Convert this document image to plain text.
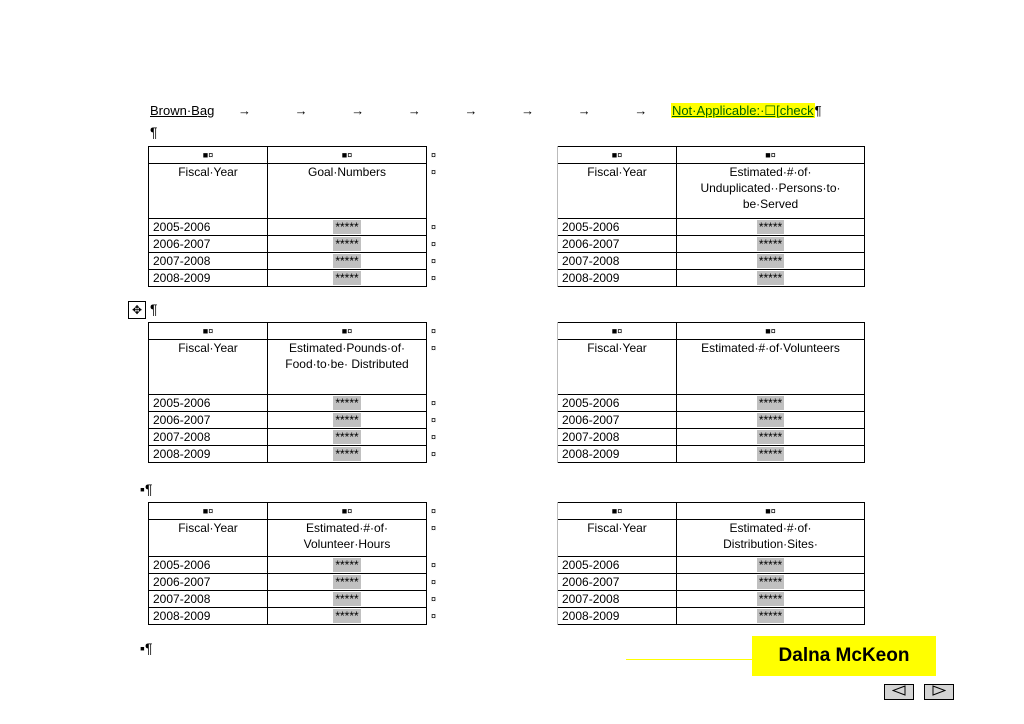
Brown·Bag →	→	→	→	→	→	→	→ Not·Applicable:·☐[check¶
¶
■¤	■¤	¤	■¤	■¤
Fiscal·Year	Goal·Numbers	¤	Fiscal·Year	Estimated·#·of· Unduplicated··Persons·to· be·Served
2005-2006	*****	¤	2005-2006	*****
2006-2007	*****	¤	2006-2007	*****
2007-2008	*****	¤	2007-2008	*****
2008-2009	*****	¤	2008-2009	*****
✥ ¶
■¤	■¤	¤	■¤	■¤
Fiscal·Year	Estimated·Pounds·of· Food·to·be· Distributed	¤	Fiscal·Year	Estimated·#·of·Volunteers
2005-2006	*****	¤	2005-2006	*****
2006-2007	*****	¤	2006-2007	*****
2007-2008	*****	¤	2007-2008	*****
2008-2009	*****	¤	2008-2009	*****
▪¶
■¤	■¤	¤	■¤	■¤
Fiscal·Year	Estimated·#·of· Volunteer·Hours	¤	Fiscal·Year	Estimated·#·of· Distribution·Sites·
2005-2006	*****	¤	2005-2006	*****
2006-2007	*****	¤	2006-2007	*****
2007-2008	*****	¤	2007-2008	*****
2008-2009	*****	¤	2008-2009	*****
▪¶	Dalna McKeon
